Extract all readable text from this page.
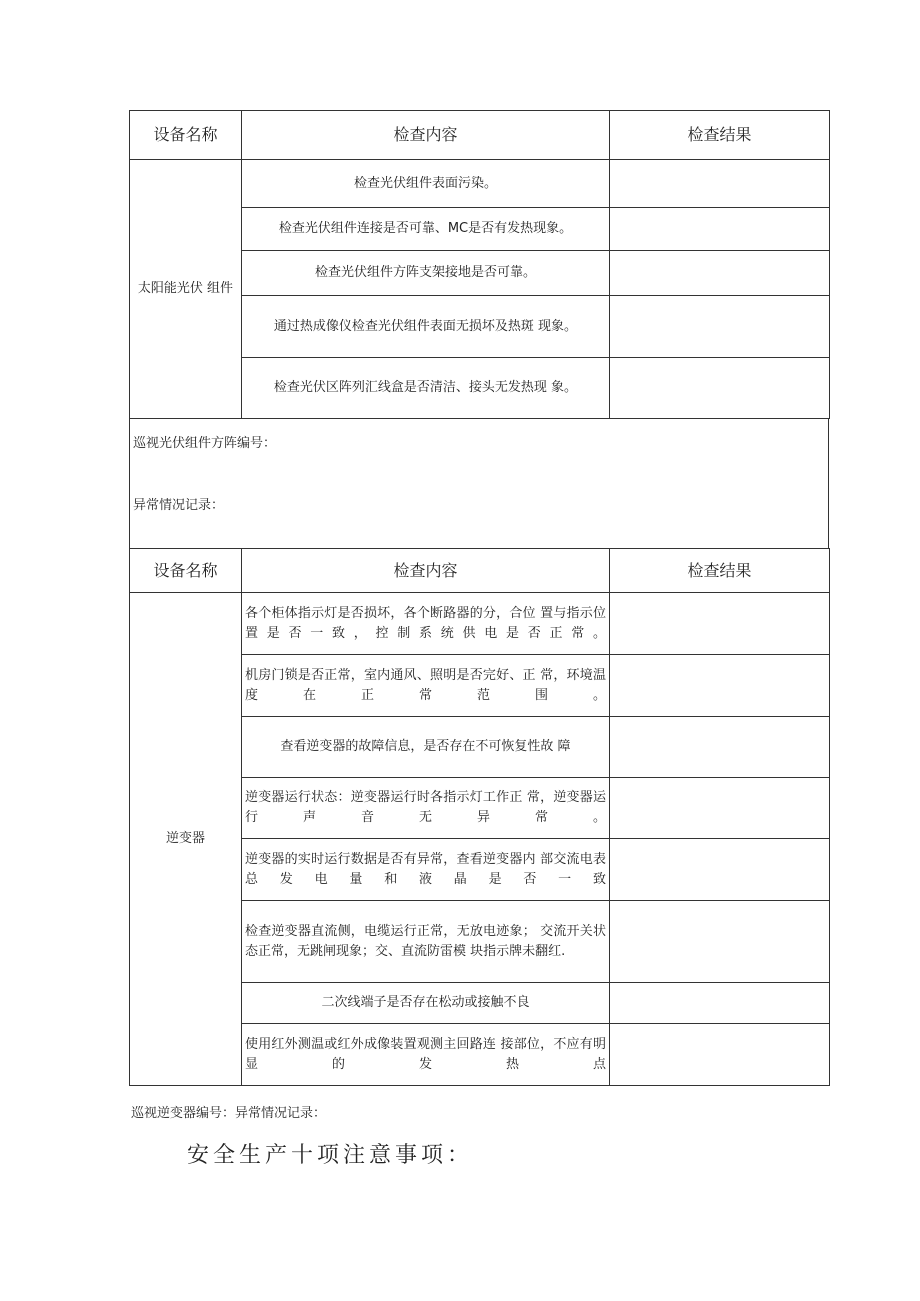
设备名称	检查内容	检查结果
太阳能光伏 组件	检查光伏组件表面污染。	
	检查光伏组件连接是否可靠、MC是否有发热现象。	
	检查光伏组件方阵支架接地是否可靠。	
	通过热成像仪检查光伏组件表面无损坏及热斑 现象。	
	检查光伏区阵列汇线盒是否清洁、接头无发热现 象。	
巡视光伏组件方阵编号：
异常情况记录：
设备名称	检查内容	检查结果
逆变器	各个柜体指示灯是否损坏，各个断路器的分，合位 置与指示位置是否一致，控制系统供电是否正常。	
	机房门锁是否正常，室内通风、照明是否完好、正 常，环境温度在正常范围。	
	查看逆变器的故障信息，是否存在不可恢复性故 障	
	逆变器运行状态：逆变器运行时各指示灯工作正 常，逆变器运行声音无异常。	
	逆变器的实时运行数据是否有异常，查看逆变器内 部交流电表总发电量和液晶是否一致	
	检查逆变器直流侧，电缆运行正常，无放电迹象； 交流开关状态正常，无跳闸现象；交、直流防雷模 块指示牌未翻红.	
	二次线端子是否存在松动或接触不良	
	使用红外测温或红外成像装置观测主回路连 接部位，不应有明显的发热点	
巡视逆变器编号：异常情况记录：
安全生产十项注意事项：
